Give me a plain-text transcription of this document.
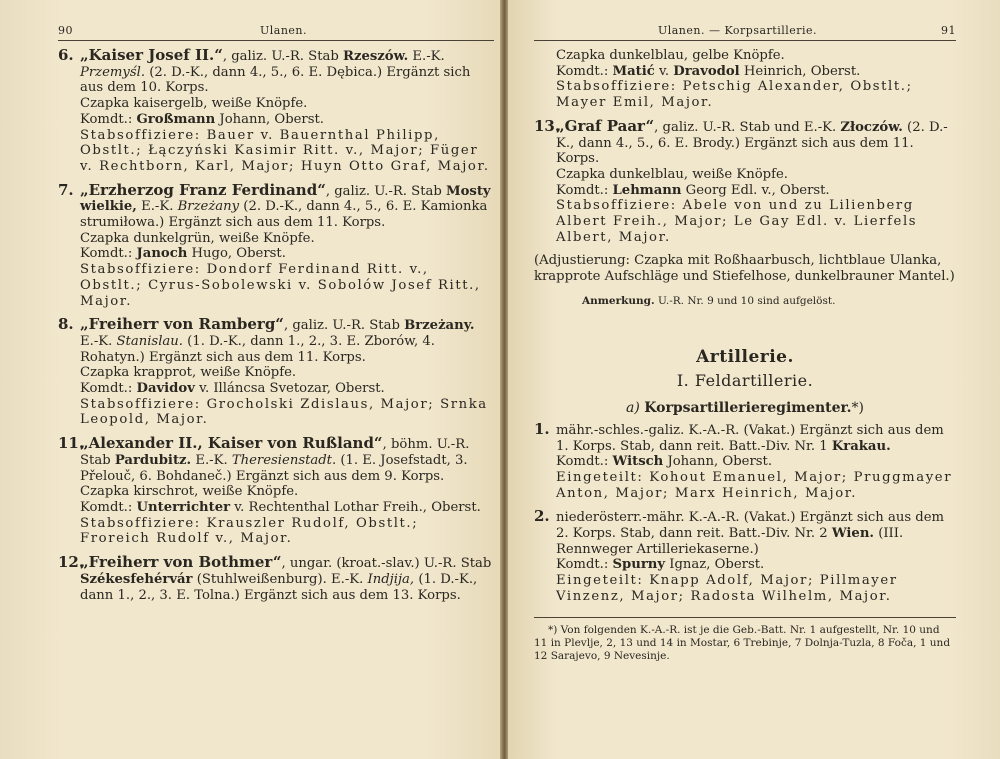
90	Ulanen.

6. „Kaiser Josef II.“, galiz. U.-R. Stab Rzeszów. E.-K. Przemyśl. (2. D.-K., dann 4., 5., 6. E. Dębica.) Ergänzt sich aus dem 10. Korps.

Czapka kaisergelb, weiße Knöpfe.

Komdt.: Großmann Johann, Oberst.

Stabsoffiziere: Bauer v. Bauernthal Philipp, Obstlt.; Łączyński Kasimir Ritt. v., Major; Füger v. Rechtborn, Karl, Major; Huyn Otto Graf, Major.

7. „Erzherzog Franz Ferdinand“, galiz. U.-R. Stab Mosty wielkie, E.-K. Brzeżany (2. D.-K., dann 4., 5., 6. E. Kamionka strumiłowa.) Ergänzt sich aus dem 11. Korps.

Czapka dunkelgrün, weiße Knöpfe.

Komdt.: Janoch Hugo, Oberst.

Stabsoffiziere: Dondorf Ferdinand Ritt. v., Obstlt.; Cyrus-Sobolewski v. Sobolów Josef Ritt., Major.

8. „Freiherr von Ramberg“, galiz. U.-R. Stab Brzeżany. E.-K. Stanislau. (1. D.-K., dann 1., 2., 3. E. Zborów, 4. Rohatyn.) Ergänzt sich aus dem 11. Korps.

Czapka krapprot, weiße Knöpfe.

Komdt.: Davidov v. Illáncsa Svetozar, Oberst.

Stabsoffiziere: Grocholski Zdislaus, Major; Srnka Leopold, Major.

11.„Alexander II., Kaiser von Rußland“, böhm. U.-R. Stab Pardubitz. E.-K. Theresienstadt. (1. E. Josefstadt, 3. Přelouč, 6. Bohdaneč.) Ergänzt sich aus dem 9. Korps.

Czapka kirschrot, weiße Knöpfe.

Komdt.: Unterrichter v. Rechtenthal Lothar Freih., Oberst.

Stabsoffiziere: Krauszler Rudolf, Obstlt.; Froreich Rudolf v., Major.

12.„Freiherr von Bothmer“, ungar. (kroat.-slav.) U.-R. Stab Székesfehérvár (Stuhlweißenburg). E.-K. Indjija, (1. D.-K., dann 1., 2., 3. E. Tolna.) Ergänzt sich aus dem 13. Korps.

Ulanen. — Korpsartillerie.	91

Czapka dunkelblau, gelbe Knöpfe.

Komdt.: Matić v. Dravodol Heinrich, Oberst.

Stabsoffiziere: Petschig Alexander, Obstlt.; Mayer Emil, Major.

13.„Graf Paar“, galiz. U.-R. Stab und E.-K. Złoczów. (2. D.-K., dann 4., 5., 6. E. Brody.) Ergänzt sich aus dem 11. Korps.

Czapka dunkelblau, weiße Knöpfe.

Komdt.: Lehmann Georg Edl. v., Oberst.

Stabsoffiziere: Abele von und zu Lilienberg Albert Freih., Major; Le Gay Edl. v. Lierfels Albert, Major.

(Adjustierung: Czapka mit Roßhaarbusch, lichtblaue Ulanka, krapprote Aufschläge und Stiefelhose, dunkelbrauner Mantel.)

Anmerkung. U.-R. Nr. 9 und 10 sind aufgelöst.

Artillerie.
I. Feldartillerie.
a) Korpsartillerieregimenter.*)

1. mähr.-schles.-galiz. K.-A.-R. (Vakat.) Ergänzt sich aus dem 1. Korps. Stab, dann reit. Batt.-Div. Nr. 1 Krakau.

Komdt.: Witsch Johann, Oberst.

Eingeteilt: Kohout Emanuel, Major; Pruggmayer Anton, Major; Marx Heinrich, Major.

2. niederösterr.-mähr. K.-A.-R. (Vakat.) Ergänzt sich aus dem 2. Korps. Stab, dann reit. Batt.-Div. Nr. 2 Wien. (III. Rennweger Artilleriekaserne.)

Komdt.: Spurny Ignaz, Oberst.

Eingeteilt: Knapp Adolf, Major; Pillmayer Vinzenz, Major; Radosta Wilhelm, Major.

*) Von folgenden K.-A.-R. ist je die Geb.-Batt. Nr. 1 aufgestellt, Nr. 10 und 11 in Plevlje, 2, 13 und 14 in Mostar, 6 Trebinje, 7 Dolnja-Tuzla, 8 Foča, 1 und 12 Sarajevo, 9 Nevesinje.
